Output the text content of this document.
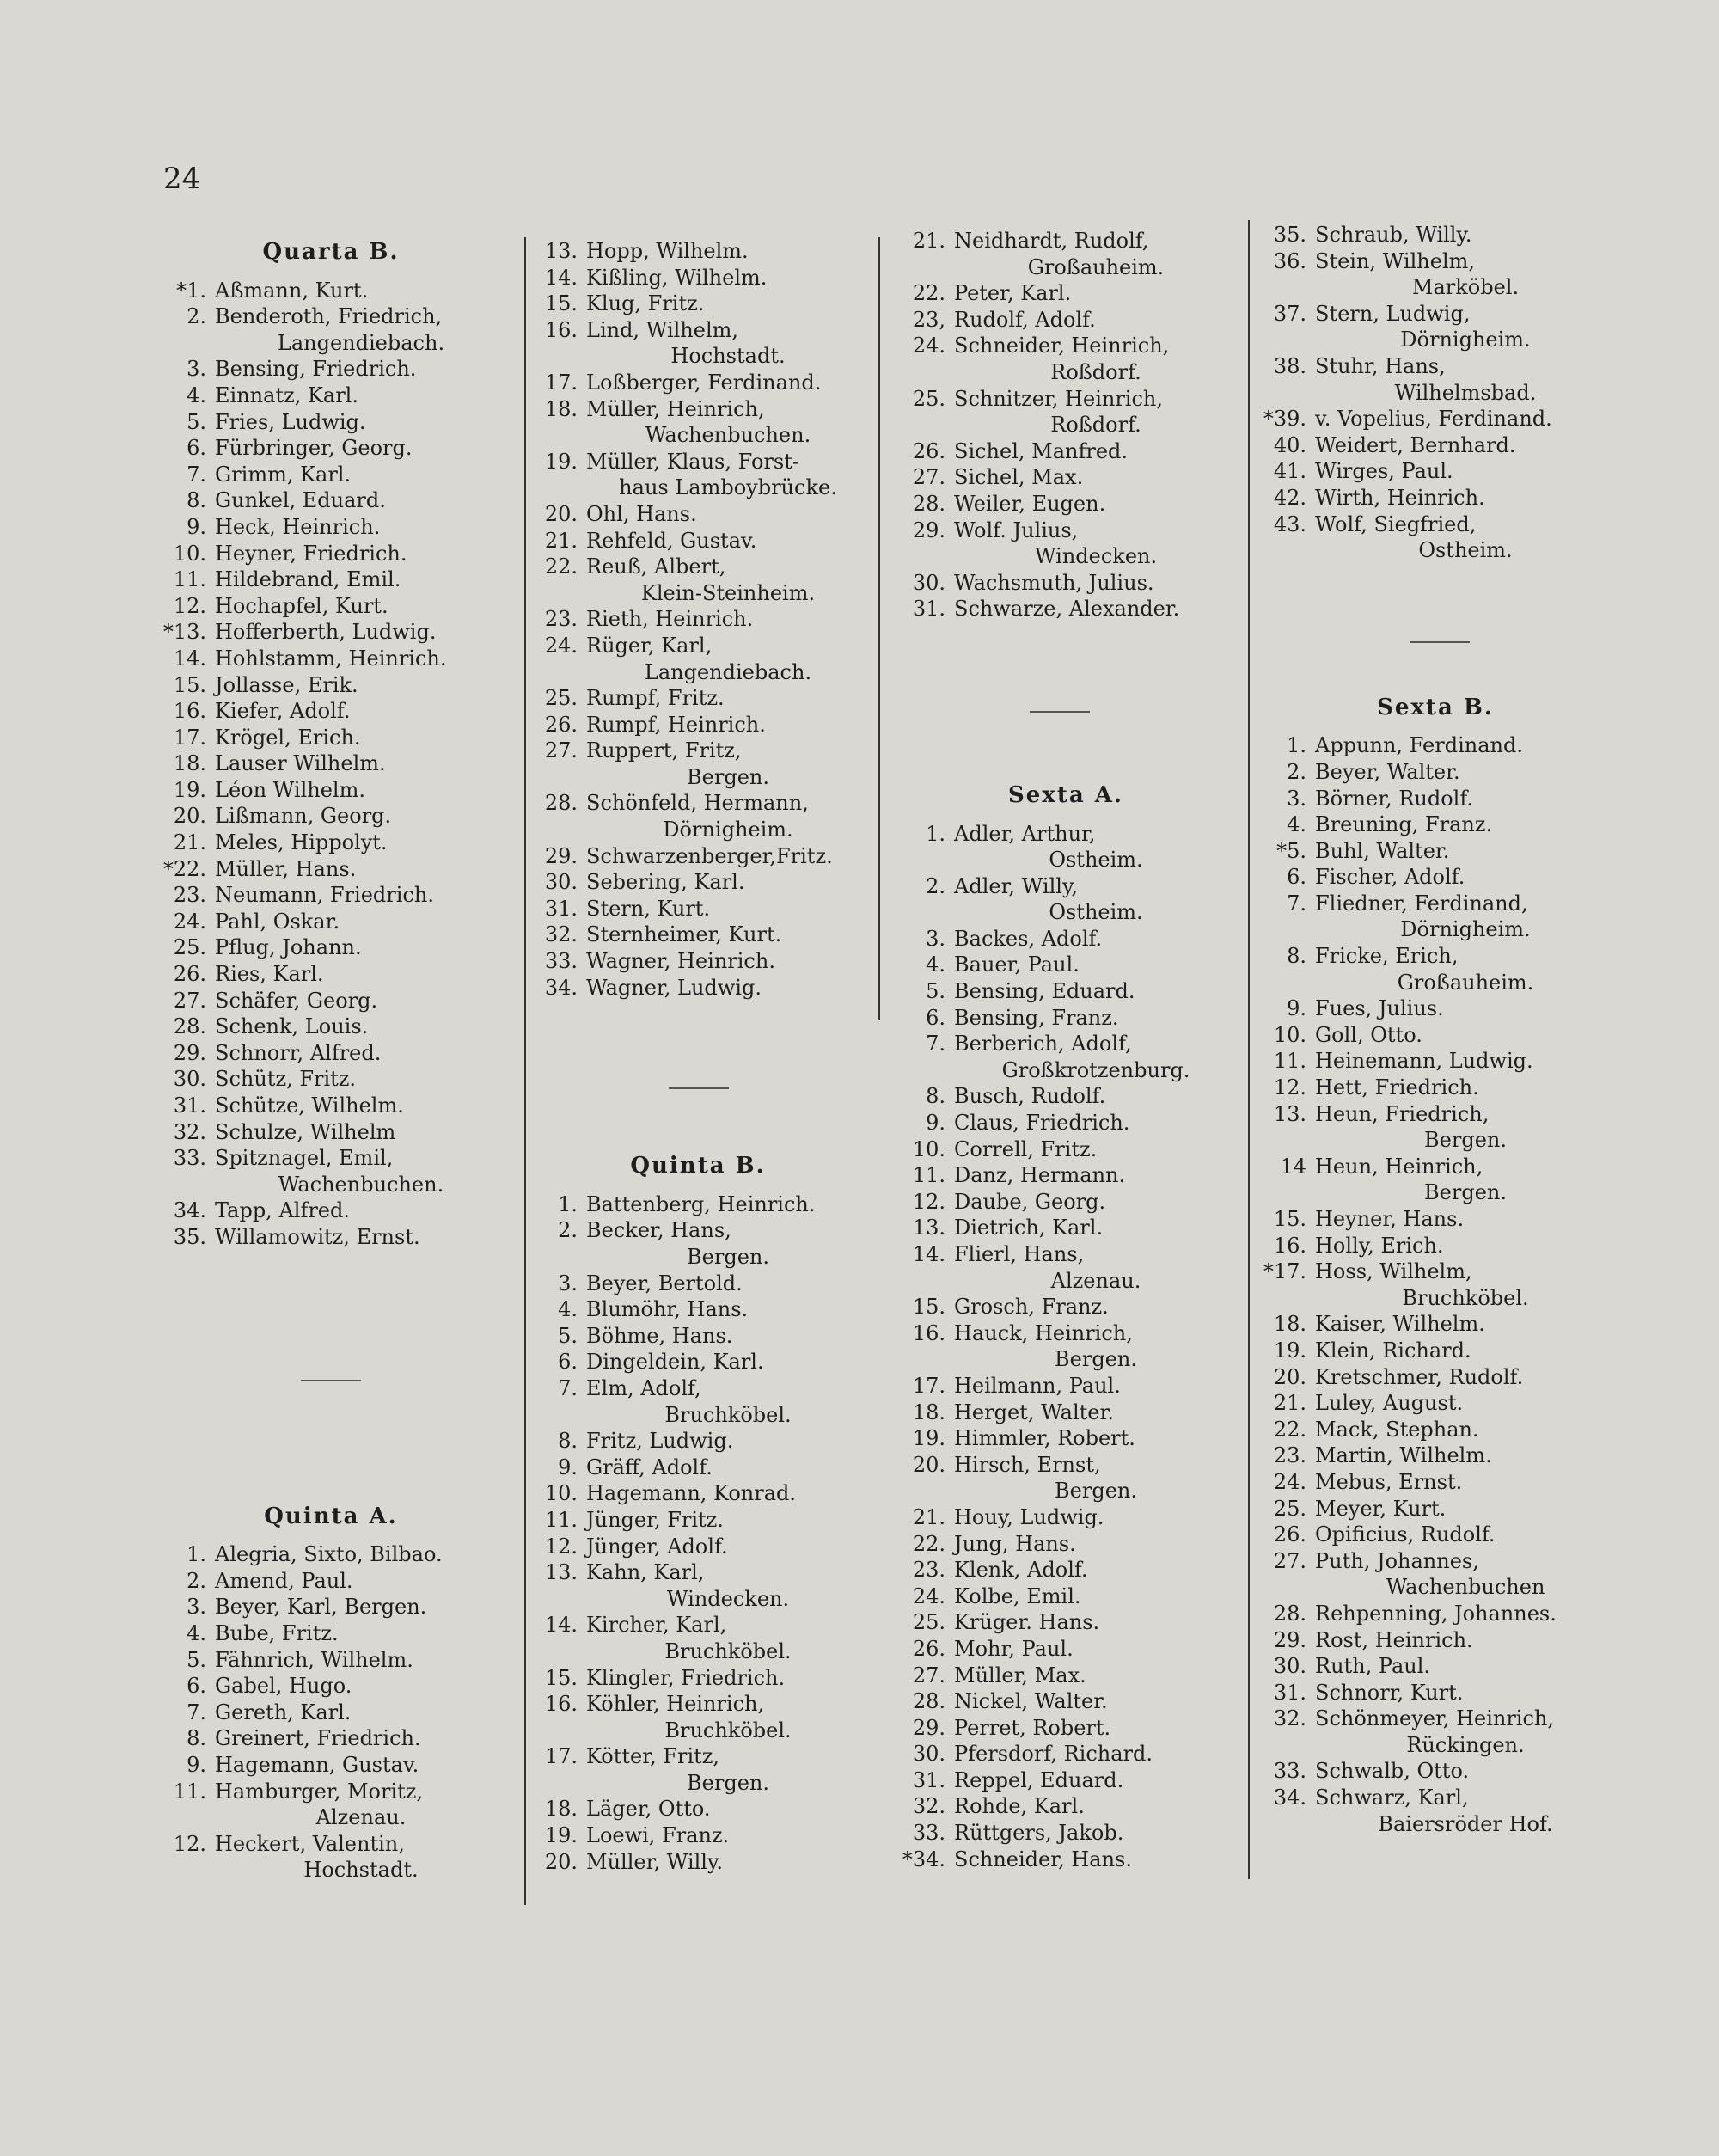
24
Quarta B.
*1. Aßmann, Kurt.
2. Benderoth, Friedrich,
Langendiebach.
3. Bensing, Friedrich.
4. Einnatz, Karl.
5. Fries, Ludwig.
6. Fürbringer, Georg.
7. Grimm, Karl.
8. Gunkel, Eduard.
9. Heck, Heinrich.
10. Heyner, Friedrich.
11. Hildebrand, Emil.
12. Hochapfel, Kurt.
*13. Hofferberth, Ludwig.
14. Hohlstamm, Heinrich.
15. Jollasse, Erik.
16. Kiefer, Adolf.
17. Krögel, Erich.
18. Lauser Wilhelm.
19. Léon Wilhelm.
20. Lißmann, Georg.
21. Meles, Hippolyt.
*22. Müller, Hans.
23. Neumann, Friedrich.
24. Pahl, Oskar.
25. Pflug, Johann.
26. Ries, Karl.
27. Schäfer, Georg.
28. Schenk, Louis.
29. Schnorr, Alfred.
30. Schütz, Fritz.
31. Schütze, Wilhelm.
32. Schulze, Wilhelm
33. Spitznagel, Emil,
Wachenbuchen.
34. Tapp, Alfred.
35. Willamowitz, Ernst.
Quinta A.
1. Alegria, Sixto, Bilbao.
2. Amend, Paul.
3. Beyer, Karl, Bergen.
4. Bube, Fritz.
5. Fähnrich, Wilhelm.
6. Gabel, Hugo.
7. Gereth, Karl.
8. Greinert, Friedrich.
9. Hagemann, Gustav.
11. Hamburger, Moritz,
Alzenau.
12. Heckert, Valentin,
Hochstadt.
13. Hopp, Wilhelm.
14. Kißling, Wilhelm.
15. Klug, Fritz.
16. Lind, Wilhelm,
Hochstadt.
17. Loßberger, Ferdinand.
18. Müller, Heinrich,
Wachenbuchen.
19. Müller, Klaus, Forst-
haus Lamboybrücke.
20. Ohl, Hans.
21. Rehfeld, Gustav.
22. Reuß, Albert,
Klein-Steinheim.
23. Rieth, Heinrich.
24. Rüger, Karl,
Langendiebach.
25. Rumpf, Fritz.
26. Rumpf, Heinrich.
27. Ruppert, Fritz,
Bergen.
28. Schönfeld, Hermann,
Dörnigheim.
29. Schwarzenberger,Fritz.
30. Sebering, Karl.
31. Stern, Kurt.
32. Sternheimer, Kurt.
33. Wagner, Heinrich.
34. Wagner, Ludwig.
Quinta B.
1. Battenberg, Heinrich.
2. Becker, Hans,
Bergen.
3. Beyer, Bertold.
4. Blumöhr, Hans.
5. Böhme, Hans.
6. Dingeldein, Karl.
7. Elm, Adolf,
Bruchköbel.
8. Fritz, Ludwig.
9. Gräff, Adolf.
10. Hagemann, Konrad.
11. Jünger, Fritz.
12. Jünger, Adolf.
13. Kahn, Karl,
Windecken.
14. Kircher, Karl,
Bruchköbel.
15. Klingler, Friedrich.
16. Köhler, Heinrich,
Bruchköbel.
17. Kötter, Fritz,
Bergen.
18. Läger, Otto.
19. Loewi, Franz.
20. Müller, Willy.
21. Neidhardt, Rudolf,
Großauheim.
22. Peter, Karl.
23, Rudolf, Adolf.
24. Schneider, Heinrich,
Roßdorf.
25. Schnitzer, Heinrich,
Roßdorf.
26. Sichel, Manfred.
27. Sichel, Max.
28. Weiler, Eugen.
29. Wolf. Julius,
Windecken.
30. Wachsmuth, Julius.
31. Schwarze, Alexander.
Sexta A.
1. Adler, Arthur,
Ostheim.
2. Adler, Willy,
Ostheim.
3. Backes, Adolf.
4. Bauer, Paul.
5. Bensing, Eduard.
6. Bensing, Franz.
7. Berberich, Adolf,
Großkrotzenburg.
8. Busch, Rudolf.
9. Claus, Friedrich.
10. Correll, Fritz.
11. Danz, Hermann.
12. Daube, Georg.
13. Dietrich, Karl.
14. Flierl, Hans,
Alzenau.
15. Grosch, Franz.
16. Hauck, Heinrich,
Bergen.
17. Heilmann, Paul.
18. Herget, Walter.
19. Himmler, Robert.
20. Hirsch, Ernst,
Bergen.
21. Houy, Ludwig.
22. Jung, Hans.
23. Klenk, Adolf.
24. Kolbe, Emil.
25. Krüger. Hans.
26. Mohr, Paul.
27. Müller, Max.
28. Nickel, Walter.
29. Perret, Robert.
30. Pfersdorf, Richard.
31. Reppel, Eduard.
32. Rohde, Karl.
33. Rüttgers, Jakob.
*34. Schneider, Hans.
35. Schraub, Willy.
36. Stein, Wilhelm,
Marköbel.
37. Stern, Ludwig,
Dörnigheim.
38. Stuhr, Hans,
Wilhelmsbad.
*39. v. Vopelius, Ferdinand.
40. Weidert, Bernhard.
41. Wirges, Paul.
42. Wirth, Heinrich.
43. Wolf, Siegfried,
Ostheim.
Sexta B.
1. Appunn, Ferdinand.
2. Beyer, Walter.
3. Börner, Rudolf.
4. Breuning, Franz.
*5. Buhl, Walter.
6. Fischer, Adolf.
7. Fliedner, Ferdinand,
Dörnigheim.
8. Fricke, Erich,
Großauheim.
9. Fues, Julius.
10. Goll, Otto.
11. Heinemann, Ludwig.
12. Hett, Friedrich.
13. Heun, Friedrich,
Bergen.
14 Heun, Heinrich,
Bergen.
15. Heyner, Hans.
16. Holly, Erich.
*17. Hoss, Wilhelm,
Bruchköbel.
18. Kaiser, Wilhelm.
19. Klein, Richard.
20. Kretschmer, Rudolf.
21. Luley, August.
22. Mack, Stephan.
23. Martin, Wilhelm.
24. Mebus, Ernst.
25. Meyer, Kurt.
26. Opificius, Rudolf.
27. Puth, Johannes,
Wachenbuchen
28. Rehpenning, Johannes.
29. Rost, Heinrich.
30. Ruth, Paul.
31. Schnorr, Kurt.
32. Schönmeyer, Heinrich,
Rückingen.
33. Schwalb, Otto.
34. Schwarz, Karl,
Baiersröder Hof.
